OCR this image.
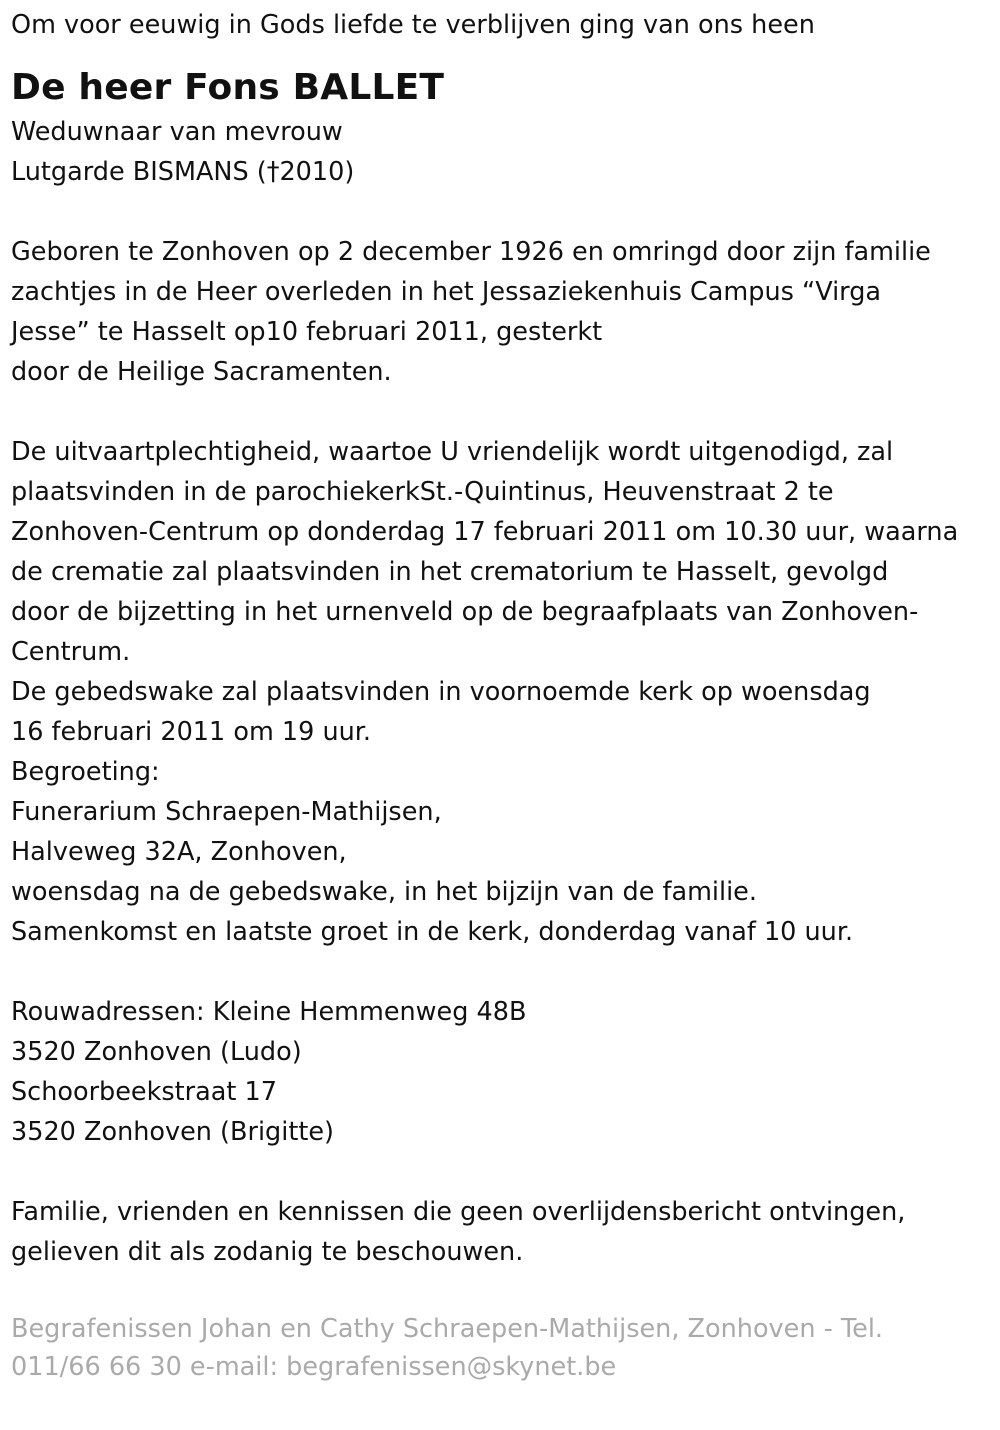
Om voor eeuwig in Gods liefde te verblijven ging van ons heen
De heer Fons BALLET
Weduwnaar van mevrouw
Lutgarde BISMANS (†2010)
Geboren te Zonhoven op 2 december 1926 en omringd door zijn familie
zachtjes in de Heer overleden in het Jessaziekenhuis Campus “Virga
Jesse” te Hasselt op10 februari 2011, gesterkt
door de Heilige Sacramenten.
De uitvaartplechtigheid, waartoe U vriendelijk wordt uitgenodigd, zal
plaatsvinden in de parochiekerkSt.-Quintinus, Heuvenstraat 2 te
Zonhoven-Centrum op donderdag 17 februari 2011 om 10.30 uur, waarna
de crematie zal plaatsvinden in het crematorium te Hasselt, gevolgd
door de bijzetting in het urnenveld op de begraafplaats van Zonhoven-
Centrum.
De gebedswake zal plaatsvinden in voornoemde kerk op woensdag
16 februari 2011 om 19 uur.
Begroeting:
Funerarium Schraepen-Mathijsen,
Halveweg 32A, Zonhoven,
woensdag na de gebedswake, in het bijzijn van de familie.
Samenkomst en laatste groet in de kerk, donderdag vanaf 10 uur.
Rouwadressen: Kleine Hemmenweg 48B
3520 Zonhoven (Ludo)
Schoorbeekstraat 17
3520 Zonhoven (Brigitte)
Familie, vrienden en kennissen die geen overlijdensbericht ontvingen,
gelieven dit als zodanig te beschouwen.
Begrafenissen Johan en Cathy Schraepen-Mathijsen, Zonhoven - Tel.
011/66 66 30 e-mail: begrafenissen@skynet.be
